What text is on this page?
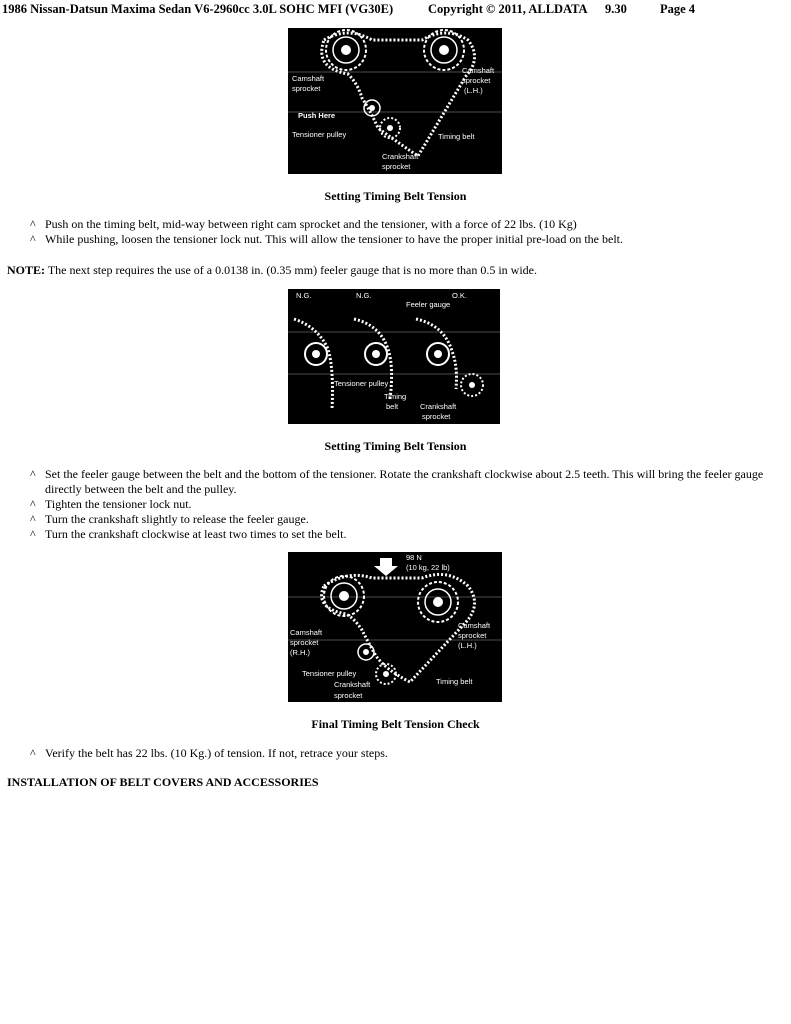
1986 Nissan-Datsun Maxima Sedan V6-2960cc 3.0L SOHC MFI (VG30E)	Copyright © 2011, ALLDATA 9.30	Page 4
Camshaft
sprocket
Camshaft
sprocket
(L.H.)
Push Here
Tensioner pulley	Timing belt
Crankshaft
sprocket
Setting Timing Belt Tension
^ Push on the timing belt, mid-way between right cam sprocket and the tensioner, with a force of 22 lbs. (10 Kg)
^ While pushing, loosen the tensioner lock nut. This will allow the tensioner to have the proper initial pre-load on the belt.
NOTE: The next step requires the use of a 0.0138 in. (0.35 mm) feeler gauge that is no more than 0.5 in wide.
N.G.	N.G.	O.K.
Feeler gauge
Tensioner pulley
Timing
belt	Crankshaft
sprocket
Setting Timing Belt Tension
^ Set the feeler gauge between the belt and the bottom of the tensioner. Rotate the crankshaft clockwise about 2.5 teeth. This will bring the feeler gauge directly between the belt and the pulley.
^ Tighten the tensioner lock nut.
^ Turn the crankshaft slightly to release the feeler gauge.
^ Turn the crankshaft clockwise at least two times to set the belt.
98 N
(10 kg, 22 lb)
Camshaft
sprocket
(R.H.)
Camshaft
sprocket
(L.H.)
Tensioner pulley
Crankshaft
sprocket
Timing belt
Final Timing Belt Tension Check
^ Verify the belt has 22 lbs. (10 Kg.) of tension. If not, retrace your steps.
INSTALLATION OF BELT COVERS AND ACCESSORIES
